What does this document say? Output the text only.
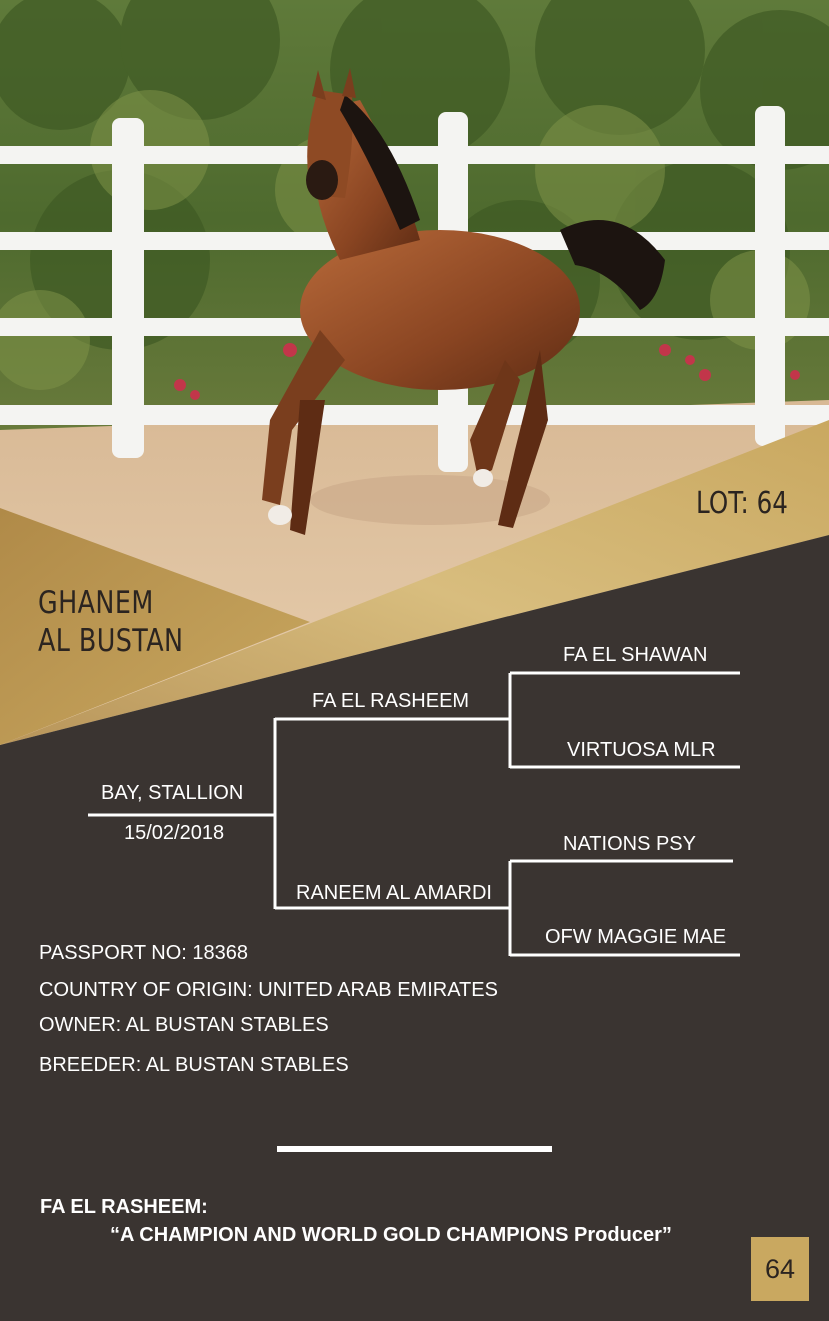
GHANEM
AL BUSTAN
LOT: 64
BAY, STALLION
15/02/2018
FA EL RASHEEM
RANEEM AL AMARDI
FA EL SHAWAN
VIRTUOSA MLR
NATIONS PSY
OFW MAGGIE MAE
PASSPORT NO: 18368
COUNTRY OF ORIGIN: UNITED ARAB EMIRATES
OWNER: AL BUSTAN STABLES
BREEDER: AL BUSTAN STABLES
FA EL RASHEEM:
“A CHAMPION AND WORLD GOLD CHAMPIONS Producer”
64
